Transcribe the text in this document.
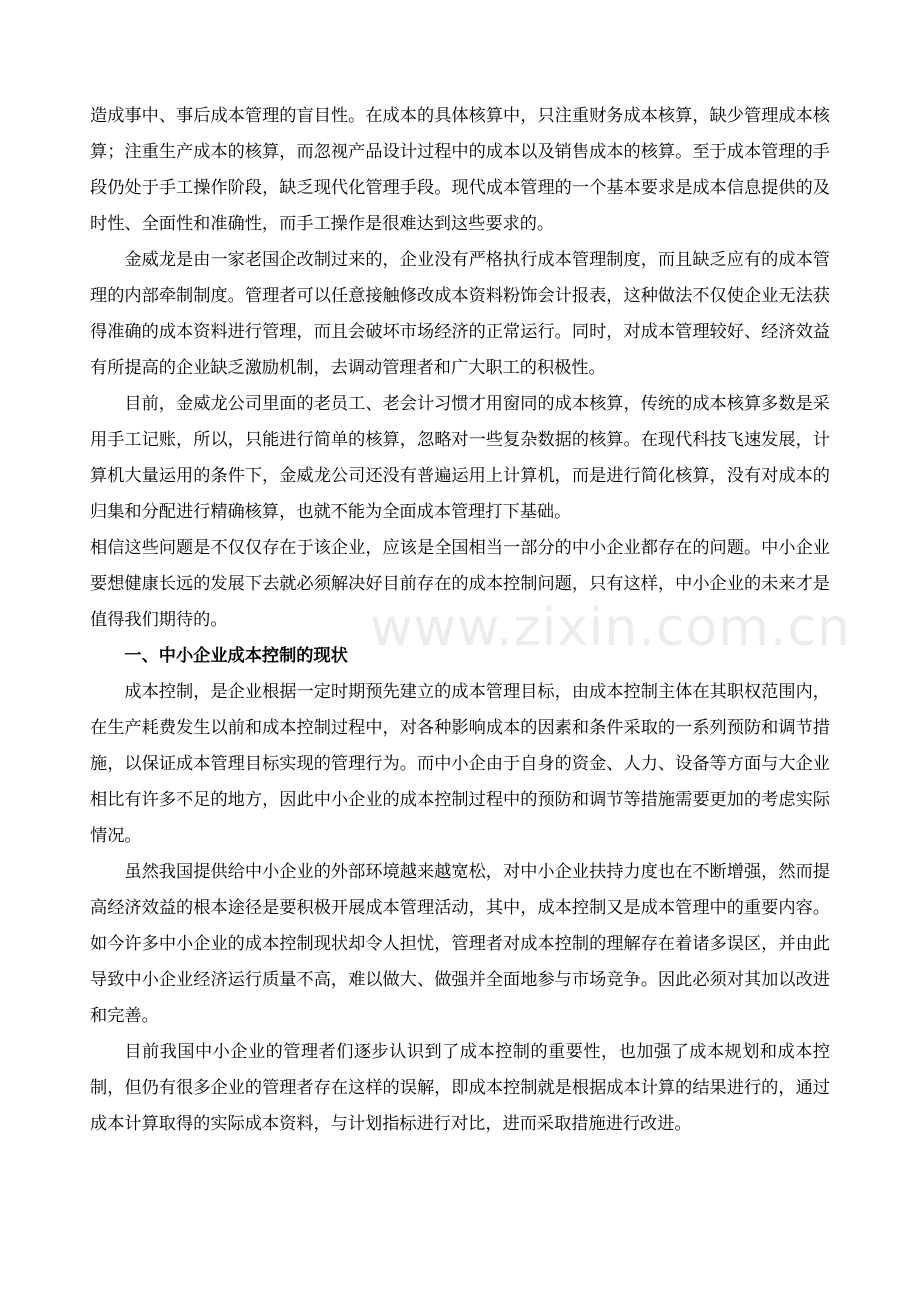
造成事中、事后成本管理的盲目性。在成本的具体核算中，只注重财务成本核算，缺少管理成本核算；注重生产成本的核算，而忽视产品设计过程中的成本以及销售成本的核算。至于成本管理的手段仍处于手工操作阶段，缺乏现代化管理手段。现代成本管理的一个基本要求是成本信息提供的及时性、全面性和准确性，而手工操作是很难达到这些要求的。

金威龙是由一家老国企改制过来的，企业没有严格执行成本管理制度，而且缺乏应有的成本管理的内部牵制制度。管理者可以任意接触修改成本资料粉饰会计报表，这种做法不仅使企业无法获得准确的成本资料进行管理，而且会破坏市场经济的正常运行。同时，对成本管理较好、经济效益有所提高的企业缺乏激励机制，去调动管理者和广大职工的积极性。

目前，金威龙公司里面的老员工、老会计习惯才用窗同的成本核算，传统的成本核算多数是采用手工记账，所以，只能进行简单的核算，忽略对一些复杂数据的核算。在现代科技飞速发展，计算机大量运用的条件下，金威龙公司还没有普遍运用上计算机，而是进行简化核算，没有对成本的归集和分配进行精确核算，也就不能为全面成本管理打下基础。

相信这些问题是不仅仅存在于该企业，应该是全国相当一部分的中小企业都存在的问题。中小企业要想健康长远的发展下去就必须解决好目前存在的成本控制问题，只有这样，中小企业的未来才是值得我们期待的。

一、中小企业成本控制的现状

成本控制，是企业根据一定时期预先建立的成本管理目标，由成本控制主体在其职权范围内，在生产耗费发生以前和成本控制过程中，对各种影响成本的因素和条件采取的一系列预防和调节措施，以保证成本管理目标实现的管理行为。而中小企由于自身的资金、人力、设备等方面与大企业相比有许多不足的地方，因此中小企业的成本控制过程中的预防和调节等措施需要更加的考虑实际情况。

虽然我国提供给中小企业的外部环境越来越宽松，对中小企业扶持力度也在不断增强，然而提高经济效益的根本途径是要积极开展成本管理活动，其中，成本控制又是成本管理中的重要内容。如今许多中小企业的成本控制现状却令人担忧，管理者对成本控制的理解存在着诸多误区，并由此导致中小企业经济运行质量不高，难以做大、做强并全面地参与市场竞争。因此必须对其加以改进和完善。

目前我国中小企业的管理者们逐步认识到了成本控制的重要性，也加强了成本规划和成本控制，但仍有很多企业的管理者存在这样的误解，即成本控制就是根据成本计算的结果进行的，通过成本计算取得的实际成本资料，与计划指标进行对比，进而采取措施进行改进。

www.zixin.com.cn
